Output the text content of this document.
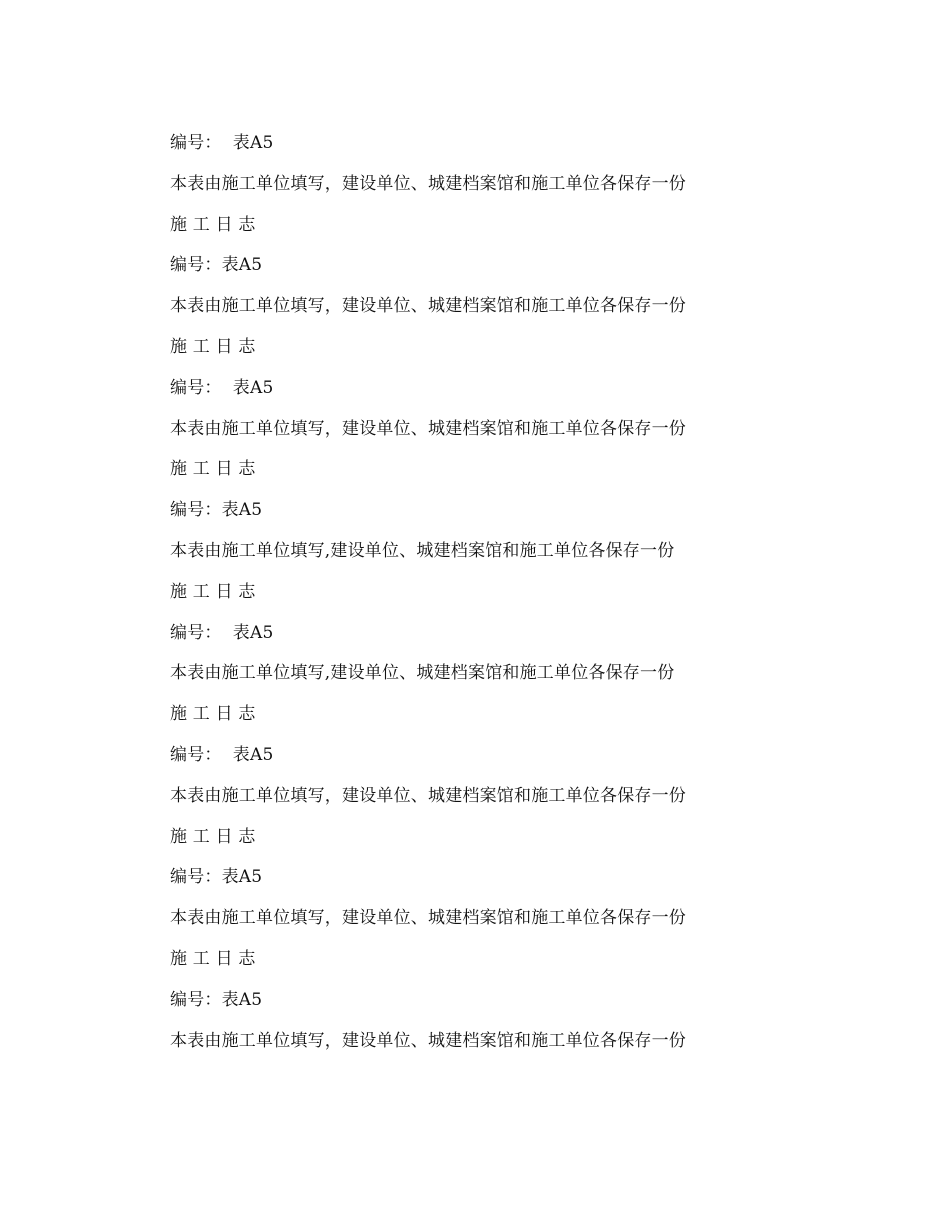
编号：  表A5
本表由施工单位填写，建设单位、城建档案馆和施工单位各保存一份
施 工 日 志
编号：表A5
本表由施工单位填写，建设单位、城建档案馆和施工单位各保存一份
施 工 日 志
编号：  表A5
本表由施工单位填写，建设单位、城建档案馆和施工单位各保存一份
施 工 日 志
编号：表A5
本表由施工单位填写,建设单位、城建档案馆和施工单位各保存一份
施 工 日 志
编号：  表A5
本表由施工单位填写,建设单位、城建档案馆和施工单位各保存一份
施 工 日 志
编号：  表A5
本表由施工单位填写，建设单位、城建档案馆和施工单位各保存一份
施 工 日 志
编号：表A5
本表由施工单位填写，建设单位、城建档案馆和施工单位各保存一份
施 工 日 志
编号：表A5
本表由施工单位填写，建设单位、城建档案馆和施工单位各保存一份
